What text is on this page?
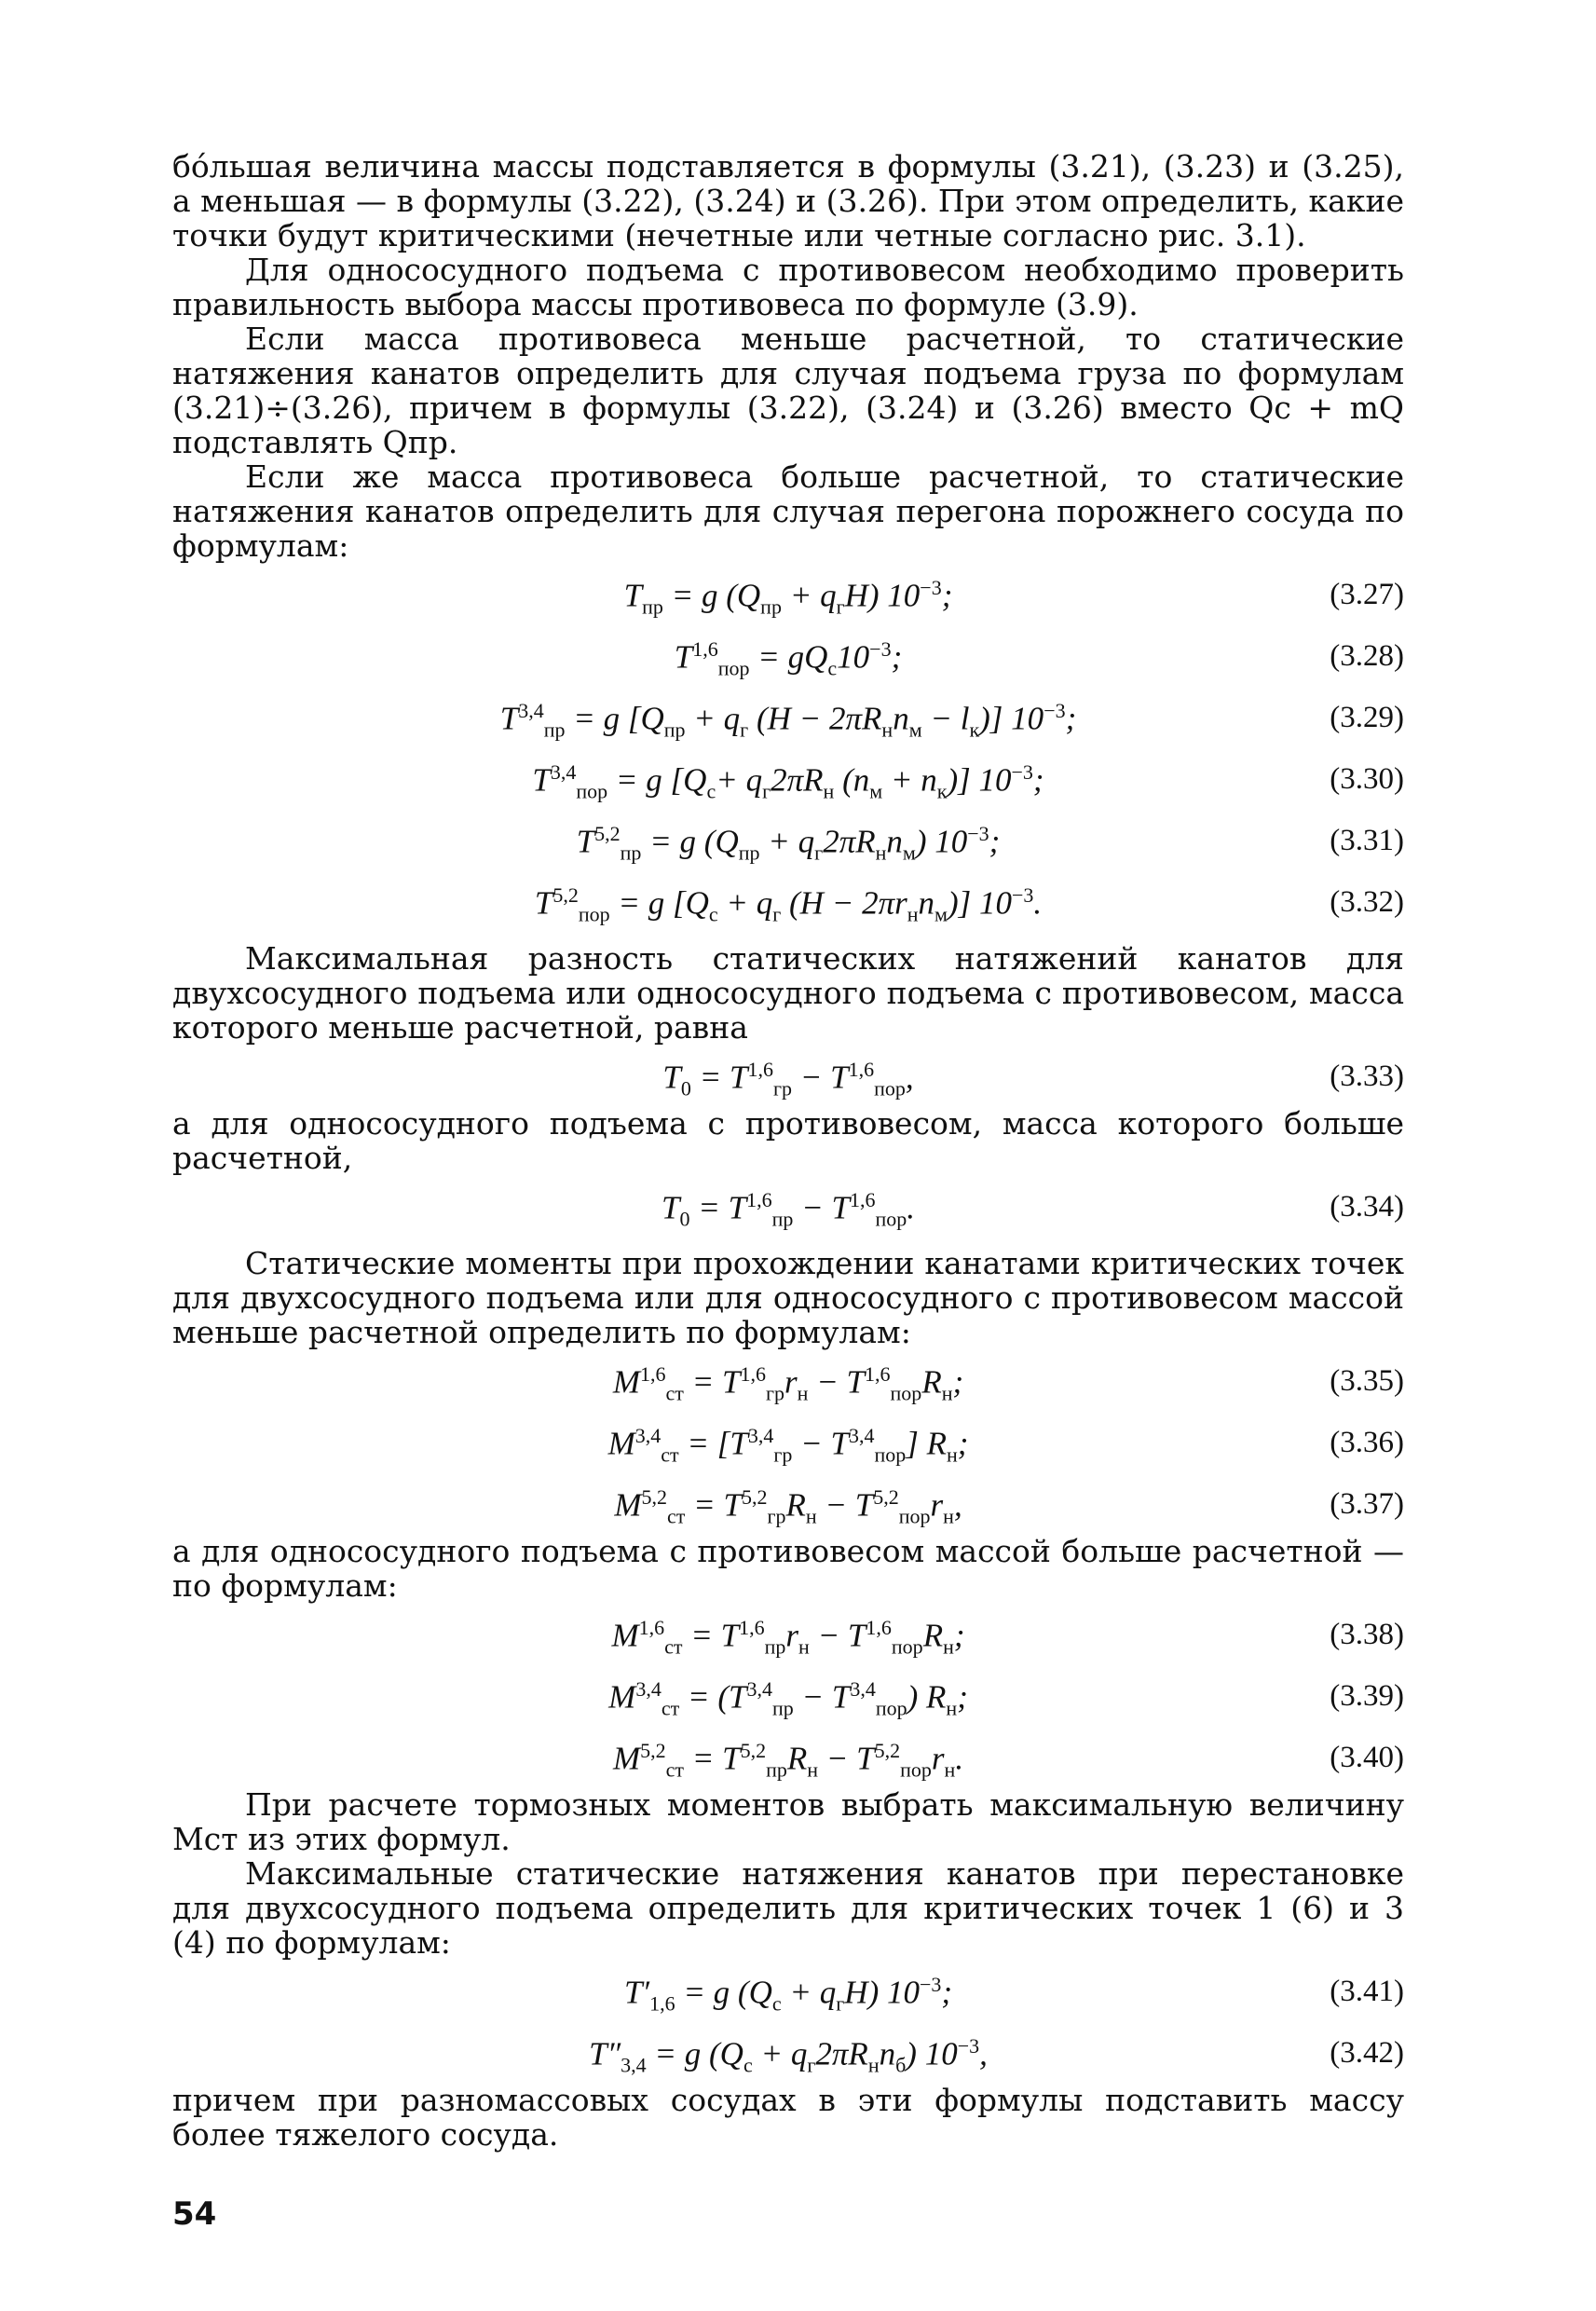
бóльшая величина массы подставляется в формулы (3.21), (3.23) и (3.25), а меньшая — в формулы (3.22), (3.24) и (3.26). При этом определить, какие точки будут критическими (нечетные или четные согласно рис. 3.1).

Для однососудного подъема с противовесом необходимо проверить правильность выбора массы противовеса по формуле (3.9).

Если масса противовеса меньше расчетной, то статические натяжения канатов определить для случая подъема груза по формулам (3.21)÷(3.26), причем в формулы (3.22), (3.24) и (3.26) вместо Qс + mQ подставлять Qпр.

Если же масса противовеса больше расчетной, то статические натяжения канатов определить для случая перегона порожнего сосуда по формулам:

$T_{пр} = g$ $(Q_{пр} + q_гH)$ $10^{-3}$;	(3.27)
$T^{1,6}_{пор} = gQ_с10^{-3}$;	(3.28)
T$^{3,4}_{пр}$ = g [$Q_{пр} + q_г$ $(H - 2\pi R_нn_м - l_к)$] $10^{-3}$;	(3.29)
T$^{3,4}_{пор}$ = g [$Q_с+ q_г2\pi R_н$ $(n_м + n_к)$] $10^{-3}$;	(3.30)
T$^{5,2}_{пр}$ = g $(Q_{пр} + q_г2\pi R_нn_м)$ $10^{-3}$;	(3.31)
T$^{5,2}_{пор}$ = g [$Q_с + q_г$ $(H - 2\pi r_нn_м)$] $10^{-3}$.	(3.32)

Максимальная разность статических натяжений канатов для двухсосудного подъема или однососудного подъема с противовесом, масса которого меньше расчетной, равна

$T_0 = T^{1,6}_{гр} - T^{1,6}_{пор}$,	(3.33)

а для однососудного подъема с противовесом, масса которого больше расчетной,

$T_0 = T^{1,6}_{пр} - T^{1,6}_{пор}$.	(3.34)

Статические моменты при прохождении канатами критических точек для двухсосудного подъема или для однососудного с противовесом массой меньше расчетной определить по формулам:

$M^{1,6}_{ст} = T^{1,6}_{гр}r_н - T^{1,6}_{пор}R_н$;	(3.35)
$M^{3,4}_{ст} = [T^{3,4}_{гр} - T^{3,4}_{пор}]$ $R_н$;	(3.36)
$M^{5,2}_{ст} = T^{5,2}_{гр}R_н - T^{5,2}_{пор}r_н$,	(3.37)

а для однососудного подъема с противовесом массой больше расчетной — по формулам:

$M^{1,6}_{ст} = T^{1,6}_{пр}r_н - T^{1,6}_{пор}R_н$;	(3.38)
$M^{3,4}_{ст} = (T^{3,4}_{пр} - T^{3,4}_{пор})$ $R_н$;	(3.39)
$M^{5,2}_{ст} = T^{5,2}_{пр}R_н - T^{5,2}_{пор}r_н$.	(3.40)

При расчете тормозных моментов выбрать максимальную величину Mст из этих формул.

Максимальные статические натяжения канатов при перестановке для двухсосудного подъема определить для критических точек 1 (6) и 3 (4) по формулам:

$T'_{1,6} = g$ $(Q_с + q_гH)$ $10^{-3}$;	(3.41)
$T''_{3,4} = g$ $(Q_с + q_г2\pi R_нn_б)$ $10^{-3}$,	(3.42)

причем при разномассовых сосудах в эти формулы подставить массу более тяжелого сосуда.

54
